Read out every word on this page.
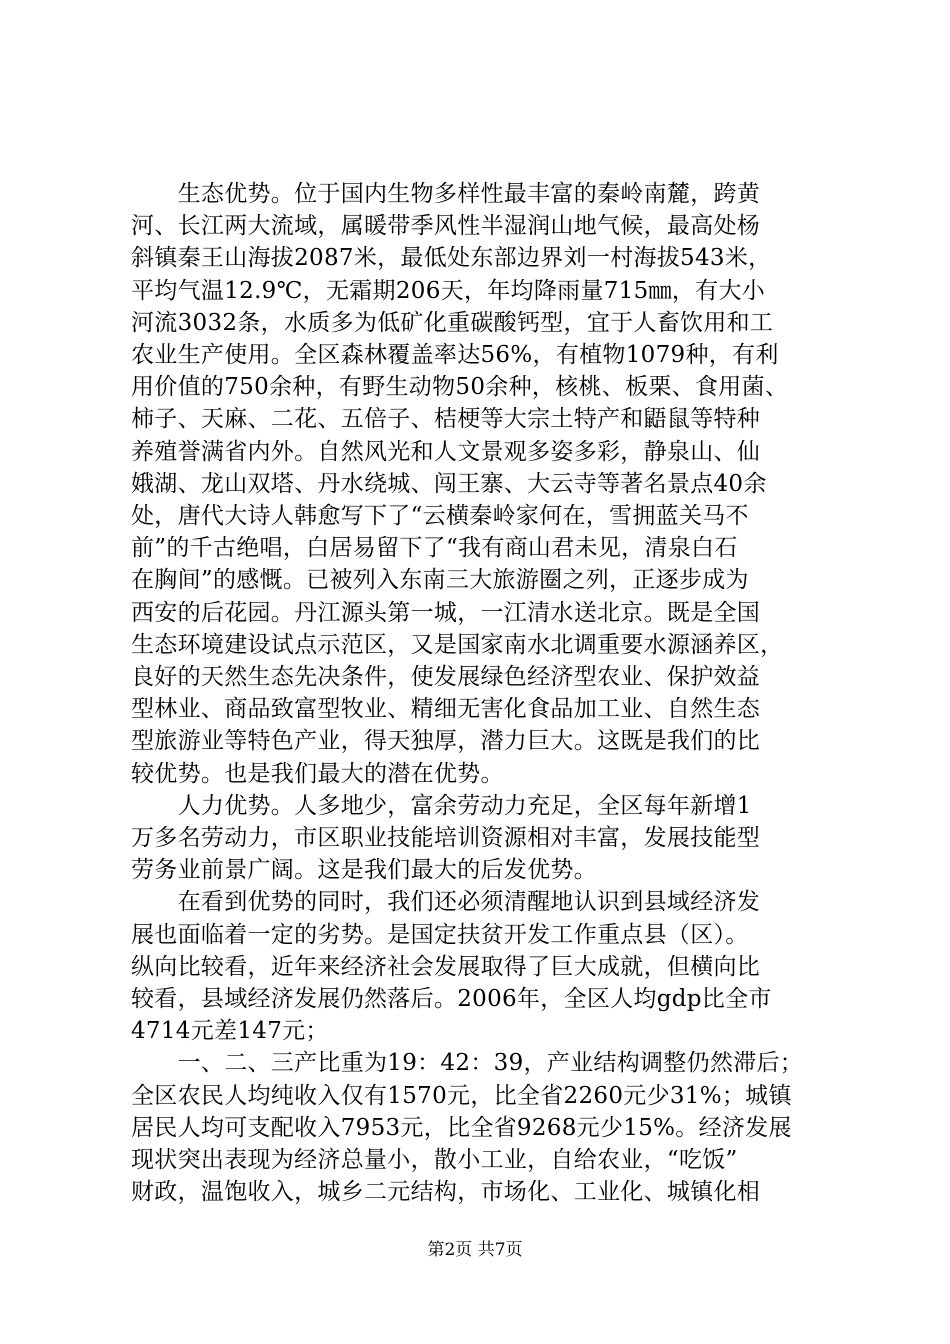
　　生态优势。位于国内生物多样性最丰富的秦岭南麓，跨黄
河、长江两大流域，属暖带季风性半湿润山地气候，最高处杨
斜镇秦王山海拔2087米，最低处东部边界刘一村海拔543米，
平均气温12.9℃，无霜期206天，年均降雨量715㎜，有大小
河流3032条，水质多为低矿化重碳酸钙型，宜于人畜饮用和工
农业生产使用。全区森林覆盖率达56%，有植物1079种，有利
用价值的750余种，有野生动物50余种，核桃、板栗、食用菌、
柿子、天麻、二花、五倍子、桔梗等大宗土特产和鼯鼠等特种
养殖誉满省内外。自然风光和人文景观多姿多彩，静泉山、仙
娥湖、龙山双塔、丹水绕城、闯王寨、大云寺等著名景点40余
处，唐代大诗人韩愈写下了“云横秦岭家何在，雪拥蓝关马不
前”的千古绝唱，白居易留下了“我有商山君未见，清泉白石
在胸间”的感慨。已被列入东南三大旅游圈之列，正逐步成为
西安的后花园。丹江源头第一城，一江清水送北京。既是全国
生态环境建设试点示范区，又是国家南水北调重要水源涵养区，
良好的天然生态先决条件，使发展绿色经济型农业、保护效益
型林业、商品致富型牧业、精细无害化食品加工业、自然生态
型旅游业等特色产业，得天独厚，潜力巨大。这既是我们的比
较优势。也是我们最大的潜在优势。
　　人力优势。人多地少，富余劳动力充足，全区每年新增1
万多名劳动力，市区职业技能培训资源相对丰富，发展技能型
劳务业前景广阔。这是我们最大的后发优势。
　　在看到优势的同时，我们还必须清醒地认识到县域经济发
展也面临着一定的劣势。是国定扶贫开发工作重点县（区）。
纵向比较看，近年来经济社会发展取得了巨大成就，但横向比
较看，县域经济发展仍然落后。2006年，全区人均gdp比全市
4714元差147元；
　　一、二、三产比重为19：42：39，产业结构调整仍然滞后；
全区农民人均纯收入仅有1570元，比全省2260元少31%；城镇
居民人均可支配收入7953元，比全省9268元少15%。经济发展
现状突出表现为经济总量小，散小工业，自给农业，“吃饭”
财政，温饱收入，城乡二元结构，市场化、工业化、城镇化相
第2页 共7页
